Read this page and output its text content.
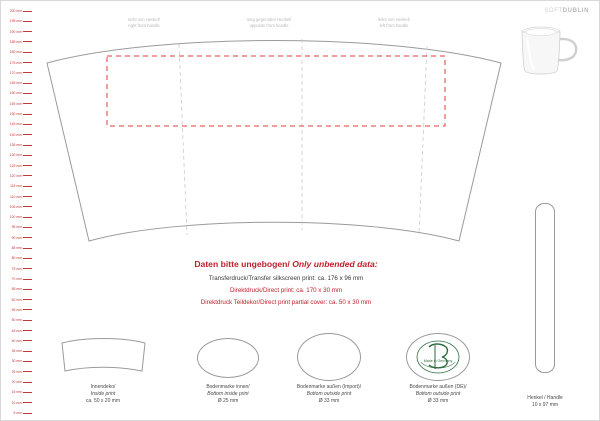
SOFTDUBLIN
200 mm
195 mm
190 mm
185 mm
180 mm
175 mm
170 mm
165 mm
160 mm
155 mm
150 mm
145 mm
140 mm
135 mm
130 mm
125 mm
120 mm
115 mm
110 mm
105 mm
100 mm
95 mm
90 mm
85 mm
80 mm
75 mm
70 mm
65 mm
60 mm
55 mm
50 mm
45 mm
40 mm
35 mm
30 mm
25 mm
20 mm
15 mm
10 mm
5 mm
sicht von Henkel/
right from handle
müg gegenüber Henkel/
opposite from handle
links von Henkel/
left from handle
Daten bitte ungebogen/ Only unbended data:
Transferdruck/Transfer silkscreen print: ca. 176 x 96 mm
Direktdruck/Direct print: ca. 170 x 30 mm
Direktdruck Teildekor/Direct print partial cover: ca. 50 x 30 mm
Innendeko/
Inside print
ca. 50 x 20 mm
Bodenmarke innen/
Bottom inside print
Ø 25 mm
Bodenmarke außen (Import)/
Bottom outside print
Ø 33 mm
Made in Germany
Bodenmarke außen (DE)/
Bottom outside print
Ø 33 mm	Henkel / Handle
10 x 97 mm
